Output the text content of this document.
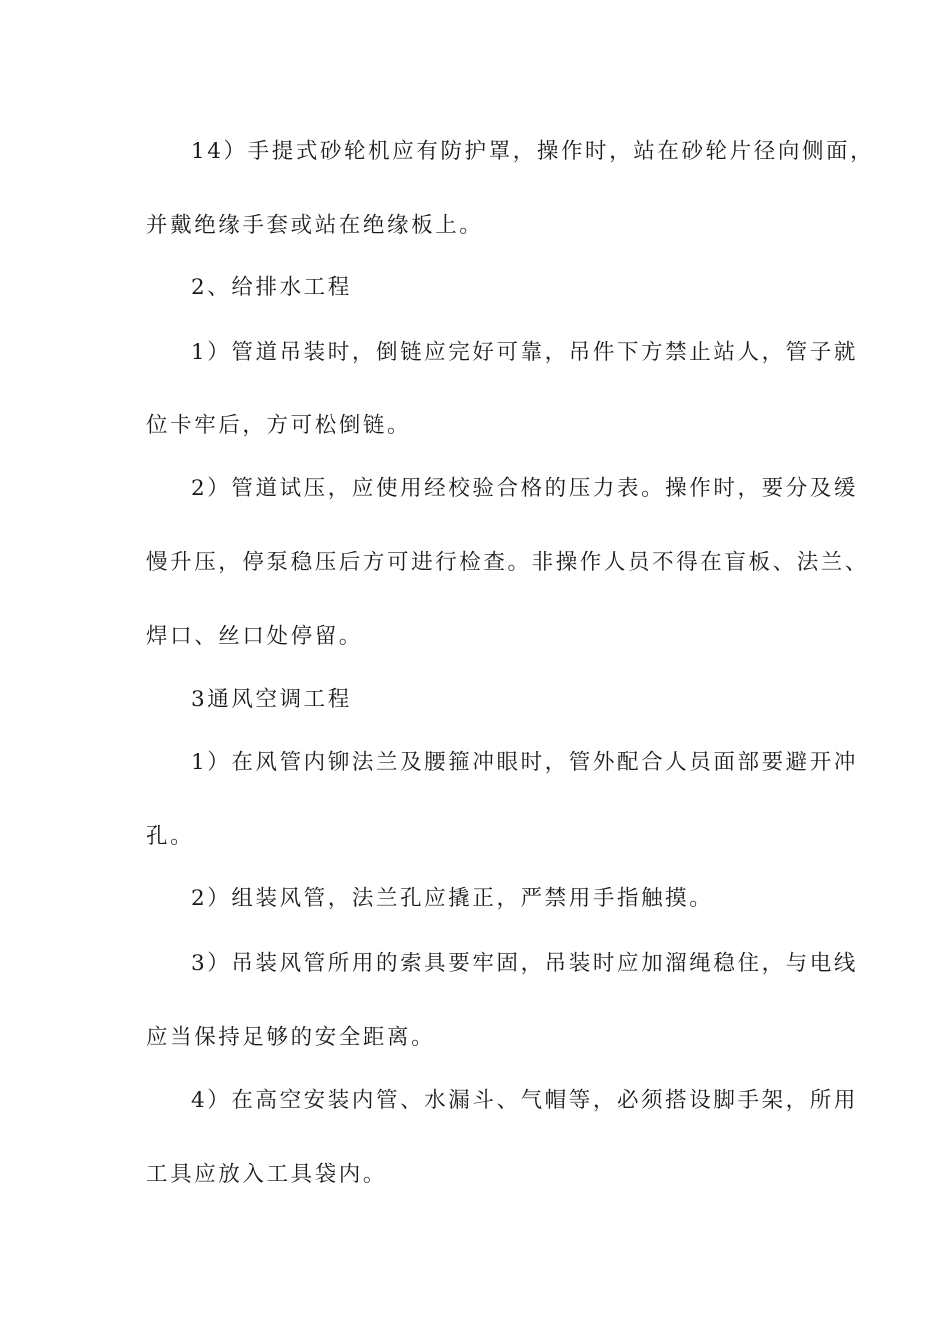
14）手提式砂轮机应有防护罩，操作时，站在砂轮片径向侧面，
并戴绝缘手套或站在绝缘板上。
2、给排水工程
1）管道吊装时，倒链应完好可靠，吊件下方禁止站人，管子就
位卡牢后，方可松倒链。
2）管道试压，应使用经校验合格的压力表。操作时，要分及缓
慢升压，停泵稳压后方可进行检查。非操作人员不得在盲板、法兰、
焊口、丝口处停留。
3通风空调工程
1）在风管内铆法兰及腰箍冲眼时，管外配合人员面部要避开冲
孔。
2）组装风管，法兰孔应撬正，严禁用手指触摸。
3）吊装风管所用的索具要牢固，吊装时应加溜绳稳住，与电线
应当保持足够的安全距离。
4）在高空安装内管、水漏斗、气帽等，必须搭设脚手架，所用
工具应放入工具袋内。
